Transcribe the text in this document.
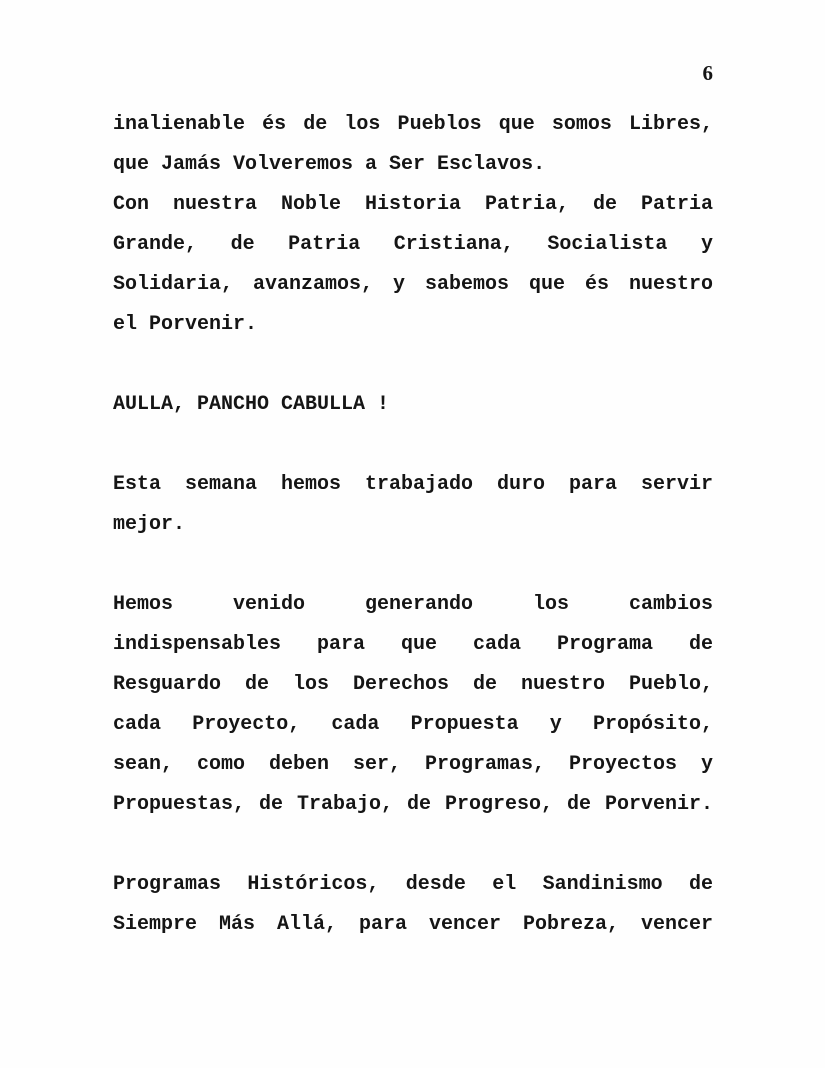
6
inalienable és de los Pueblos que somos Libres,
que Jamás Volveremos a Ser Esclavos.
Con nuestra Noble Historia Patria, de Patria
Grande, de Patria Cristiana, Socialista y
Solidaria, avanzamos, y sabemos que és nuestro
el Porvenir.
AULLA, PANCHO CABULLA !
Esta semana hemos trabajado duro para servir
mejor.
Hemos venido generando los cambios
indispensables para que cada Programa de
Resguardo de los Derechos de nuestro Pueblo,
cada Proyecto, cada Propuesta y Propósito,
sean, como deben ser, Programas, Proyectos y
Propuestas, de Trabajo, de Progreso, de Porvenir.
Programas Históricos, desde el Sandinismo de
Siempre Más Allá, para vencer Pobreza, vencer
